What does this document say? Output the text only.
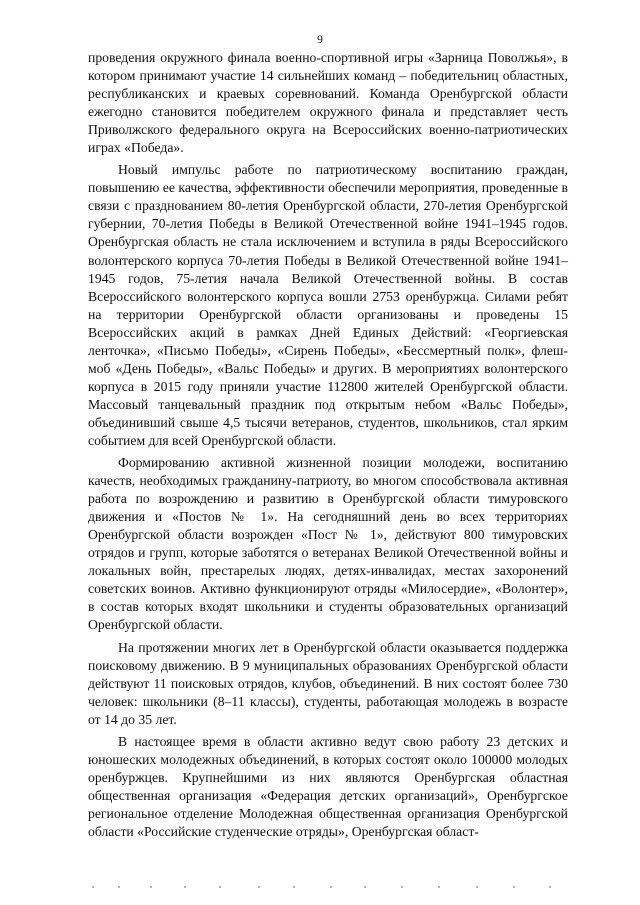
9

проведения окружного финала военно-спортивной игры «Зарница Поволжья», в котором принимают участие 14 сильнейших команд – победительниц областных, республиканских и краевых соревнований. Команда Оренбургской области ежегодно становится победителем окружного финала и представляет честь Приволжского федерального округа на Всероссийских военно-патриотических играх «Победа».

Новый импульс работе по патриотическому воспитанию граждан, повышению ее качества, эффективности обеспечили мероприятия, проведенные в связи с празднованием 80-летия Оренбургской области, 270-летия Оренбургской губернии, 70-летия Победы в Великой Отечественной войне 1941–1945 годов. Оренбургская область не стала исключением и вступила в ряды Всероссийского волонтерского корпуса 70-летия Победы в Великой Отечественной войне 1941–1945 годов, 75-летия начала Великой Отечественной войны. В состав Всероссийского волонтерского корпуса вошли 2753 оренбуржца. Силами ребят на территории Оренбургской области организованы и проведены 15 Всероссийских акций в рамках Дней Единых Действий: «Георгиевская ленточка», «Письмо Победы», «Сирень Победы», «Бессмертный полк», флеш-моб «День Победы», «Вальс Победы» и других. В мероприятиях волонтерского корпуса в 2015 году приняли участие 112800 жителей Оренбургской области. Массовый танцевальный праздник под открытым небом «Вальс Победы», объединивший свыше 4,5 тысячи ветеранов, студентов, школьников, стал ярким событием для всей Оренбургской области.

Формированию активной жизненной позиции молодежи, воспитанию качеств, необходимых гражданину-патриоту, во многом способствовала активная работа по возрождению и развитию в Оренбургской области тимуровского движения и «Постов № 1». На сегодняшний день во всех территориях Оренбургской области возрожден «Пост № 1», действуют 800 тимуровских отрядов и групп, которые заботятся о ветеранах Великой Отечественной войны и локальных войн, престарелых людях, детях-инвалидах, местах захоронений советских воинов. Активно функционируют отряды «Милосердие», «Волонтер», в состав которых входят школьники и студенты образовательных организаций Оренбургской области.

На протяжении многих лет в Оренбургской области оказывается поддержка поисковому движению. В 9 муниципальных образованиях Оренбургской области действуют 11 поисковых отрядов, клубов, объединений. В них состоят более 730 человек: школьники (8–11 классы), студенты, работающая молодежь в возрасте от 14 до 35 лет.

В настоящее время в области активно ведут свою работу 23 детских и юношеских молодежных объединений, в которых состоят около 100000 молодых оренбуржцев. Крупнейшими из них являются Оренбургская областная общественная организация «Федерация детских организаций», Оренбургское региональное отделение Молодежная общественная организация Оренбургской области «Российские студенческие отряды», Оренбургская област-
